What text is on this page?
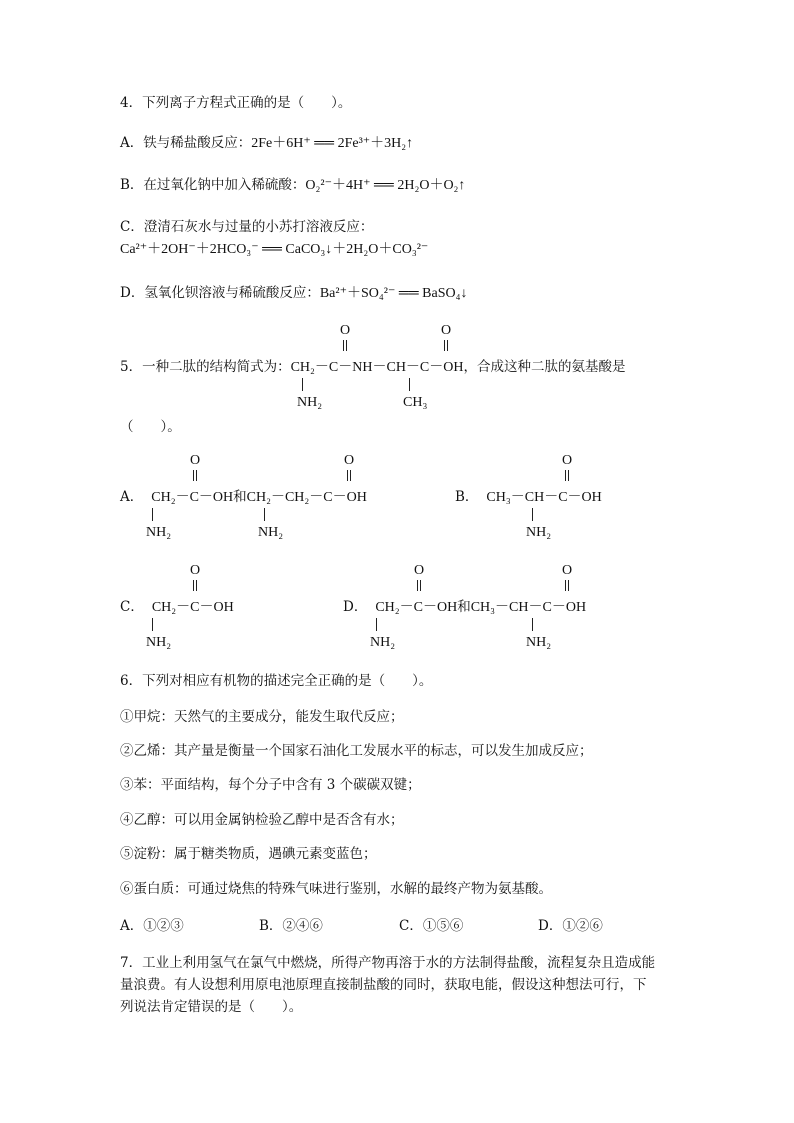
4．下列离子方程式正确的是（　　）。
A．铁与稀盐酸反应：2Fe＋6H⁺ ══ 2Fe³⁺＋3H₂↑
B．在过氧化钠中加入稀硫酸：O₂²⁻＋4H⁺ ══ 2H₂O＋O₂↑
C．澄清石灰水与过量的小苏打溶液反应：
Ca²⁺＋2OH⁻＋2HCO₃⁻ ══ CaCO₃↓＋2H₂O＋CO₃²⁻
D．氢氧化钡溶液与稀硫酸反应：Ba²⁺＋SO₄²⁻ ══ BaSO₄↓
O	O
5．一种二肽的结构简式为：CH₂－C－NH－CH－C－OH，合成这种二肽的氨基酸是
NH₂	CH₃
（　　）。
O	O	O
A． CH₂－C－OH和CH₂－CH₂－C－OH	B． CH₃－CH－C－OH
NH₂	NH₂	NH₂
O	O	O
C． CH₂－C－OH	D． CH₂－C－OH和CH₃－CH－C－OH
NH₂	NH₂	NH₂
6．下列对相应有机物的描述完全正确的是（　　）。
①甲烷：天然气的主要成分，能发生取代反应；
②乙烯：其产量是衡量一个国家石油化工发展水平的标志，可以发生加成反应；
③苯：平面结构，每个分子中含有 3 个碳碳双键；
④乙醇：可以用金属钠检验乙醇中是否含有水；
⑤淀粉：属于糖类物质，遇碘元素变蓝色；
⑥蛋白质：可通过烧焦的特殊气味进行鉴别，水解的最终产物为氨基酸。
A．①②③	B．②④⑥	C．①⑤⑥	D．①②⑥
7．工业上利用氢气在氯气中燃烧，所得产物再溶于水的方法制得盐酸，流程复杂且造成能
量浪费。有人设想利用原电池原理直接制盐酸的同时，获取电能，假设这种想法可行，下
列说法肯定错误的是（　　）。
